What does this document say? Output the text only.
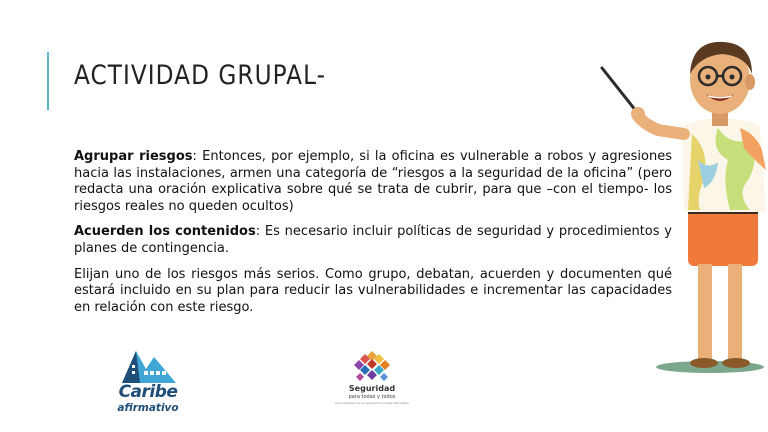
ACTIVIDAD GRUPAL-

Agrupar riesgos: Entonces, por ejemplo, si la oficina es vulnerable a robos y agresiones hacia las instalaciones, armen una categoría de “riesgos a la seguridad de la oficina” (pero redacta una oración explicativa sobre qué se trata de cubrir, para que –con el tiempo- los riesgos reales no queden ocultos)

Acuerden los contenidos: Es necesario incluir políticas de seguridad y procedimientos y planes de contingencia.

Elijan uno de los riesgos más serios. Como grupo, debatan, acuerden y documenten qué estará incluido en su plan para reducir las vulnerabilidades e incrementar las capacidades en relación con este riesgo.

Caribe
afirmativo
Seguridad
para todas y todos
Una iniciativa de la Agrupación Caribe Afirmativo
